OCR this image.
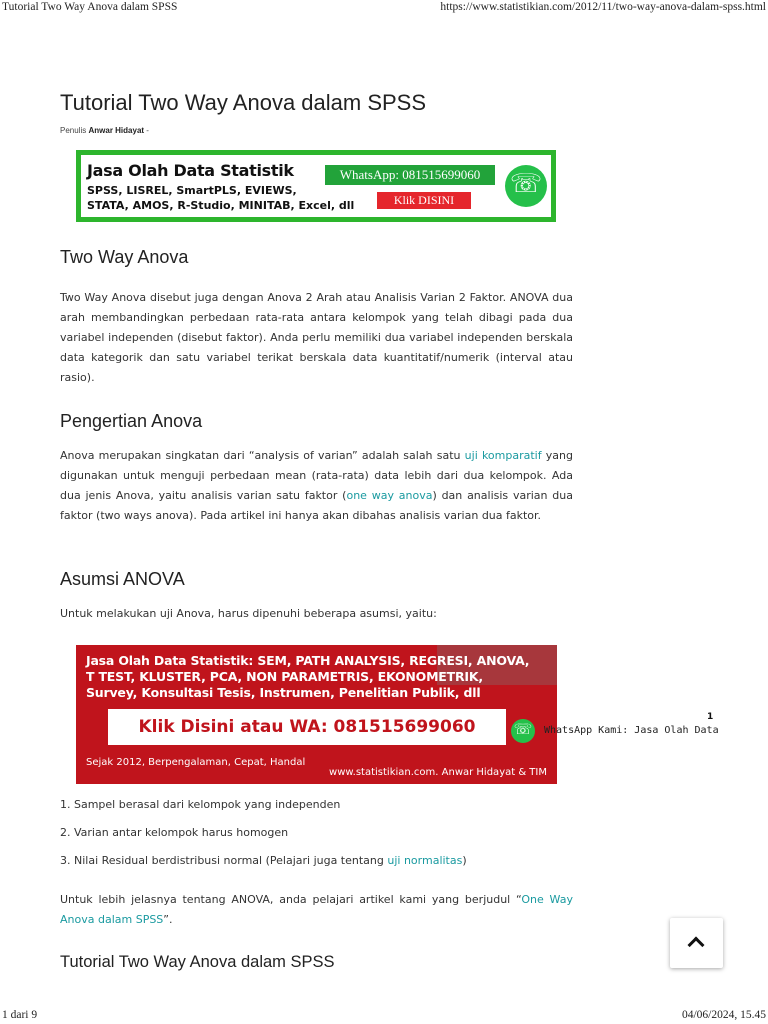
Tutorial Two Way Anova dalam SPSS	https://www.statistikian.com/2012/11/two-way-anova-dalam-spss.html
Tutorial Two Way Anova dalam SPSS
Penulis Anwar Hidayat -
Two Way Anova

Two Way Anova disebut juga dengan Anova 2 Arah atau Analisis Varian 2 Faktor. ANOVA dua arah membandingkan perbedaan rata-rata antara kelompok yang telah dibagi pada dua variabel independen (disebut faktor). Anda perlu memiliki dua variabel independen berskala data kategorik dan satu variabel terikat berskala data kuantitatif/numerik (interval atau rasio).

Pengertian Anova

Anova merupakan singkatan dari “analysis of varian” adalah salah satu uji komparatif yang digunakan untuk menguji perbedaan mean (rata-rata) data lebih dari dua kelompok. Ada dua jenis Anova, yaitu analisis varian satu faktor (one way anova) dan analisis varian dua faktor (two ways anova). Pada artikel ini hanya akan dibahas analisis varian dua faktor.

Asumsi ANOVA

Untuk melakukan uji Anova, harus dipenuhi beberapa asumsi, yaitu:

Untuk lebih jelasnya tentang ANOVA, anda pelajari artikel kami yang berjudul “One Way Anova dalam SPSS”.

Tutorial Two Way Anova dalam SPSS
Jasa Olah Data Statistik
SPSS, LISREL, SmartPLS, EVIEWS,
STATA, AMOS, R-Studio, MINITAB, Excel, dll
WhatsApp: 081515699060
Klik DISINI
☏
Jasa Olah Data Statistik: SEM, PATH ANALYSIS, REGRESI, ANOVA,
T TEST, KLUSTER, PCA, NON PARAMETRIS, EKONOMETRIK,
Survey, Konsultasi Tesis, Instrumen, Penelitian Publik, dll
Klik Disini atau WA: 081515699060
Sejak 2012, Berpengalaman, Cepat, Handal
www.statistikian.com. Anwar Hidayat & TIM
☏
WhatsApp Kami: Jasa Olah Data
1
1. Sampel berasal dari kelompok yang independen
2. Varian antar kelompok harus homogen
3. Nilai Residual berdistribusi normal (Pelajari juga tentang uji normalitas)
1 dari 9	04/06/2024, 15.45
